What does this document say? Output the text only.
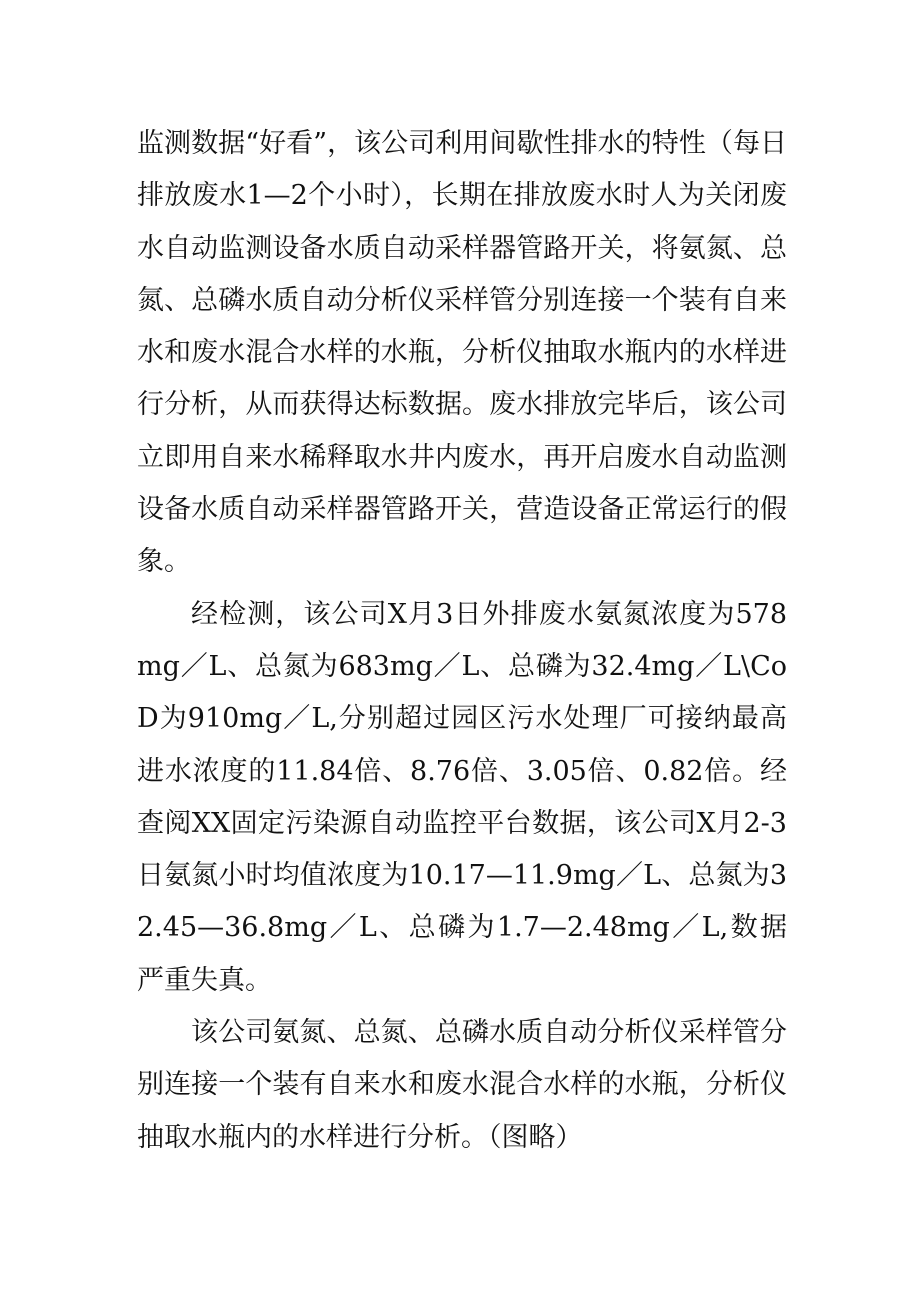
监测数据“好看”，该公司利用间歇性排水的特性（每日排放废水1—2个小时），长期在排放废水时人为关闭废水自动监测设备水质自动采样器管路开关，将氨氮、总氮、总磷水质自动分析仪采样管分别连接一个装有自来水和废水混合水样的水瓶，分析仪抽取水瓶内的水样进行分析，从而获得达标数据。废水排放完毕后，该公司立即用自来水稀释取水井内废水，再开启废水自动监测设备水质自动采样器管路开关，营造设备正常运行的假象。

经检测，该公司X月3日外排废水氨氮浓度为578mg／L、总氮为683mg／L、总磷为32.4mg／L\CoD为910mg／L,分别超过园区污水处理厂可接纳最高进水浓度的11.84倍、8.76倍、3.05倍、0.82倍。经查阅XX固定污染源自动监控平台数据，该公司X月2-3日氨氮小时均值浓度为10.17—11.9mg／L、总氮为32.45—36.8mg／L、总磷为1.7—2.48mg／L,数据严重失真。

该公司氨氮、总氮、总磷水质自动分析仪采样管分别连接一个装有自来水和废水混合水样的水瓶，分析仪抽取水瓶内的水样进行分析。（图略）
